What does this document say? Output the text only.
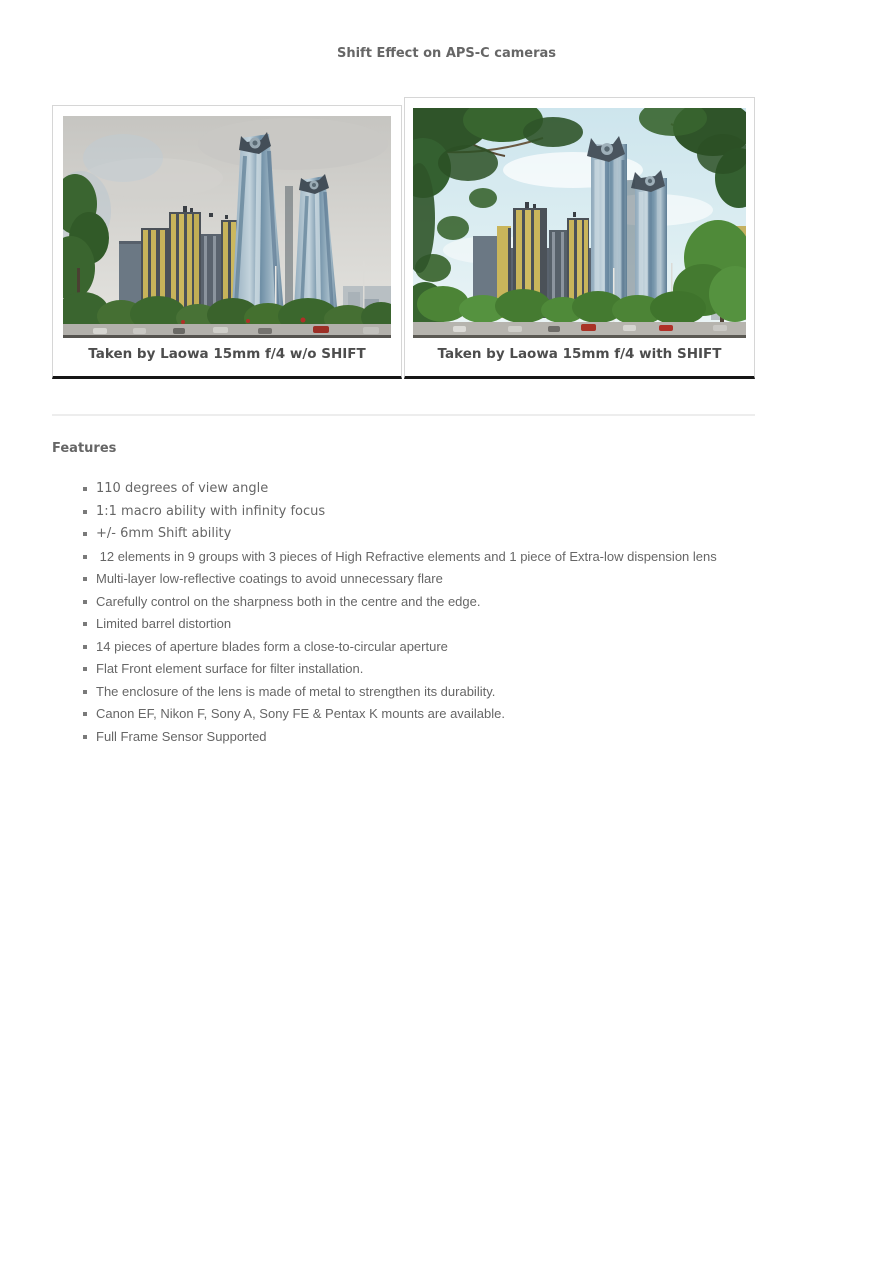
Shift Effect on APS-C cameras
Taken by Laowa 15mm f/4 w/o SHIFT	Taken by Laowa 15mm f/4 with SHIFT
Features
110 degrees of view angle
1:1 macro ability with infinity focus
+/- 6mm Shift ability
12 elements in 9 groups with 3 pieces of High Refractive elements and 1 piece of Extra-low dispension lens
Multi-layer low-reflective coatings to avoid unnecessary flare
Carefully control on the sharpness both in the centre and the edge.
Limited barrel distortion
14 pieces of aperture blades form a close-to-circular aperture
Flat Front element surface for filter installation.
The enclosure of the lens is made of metal to strengthen its durability.
Canon EF, Nikon F, Sony A, Sony FE & Pentax K mounts are available.
Full Frame Sensor Supported
